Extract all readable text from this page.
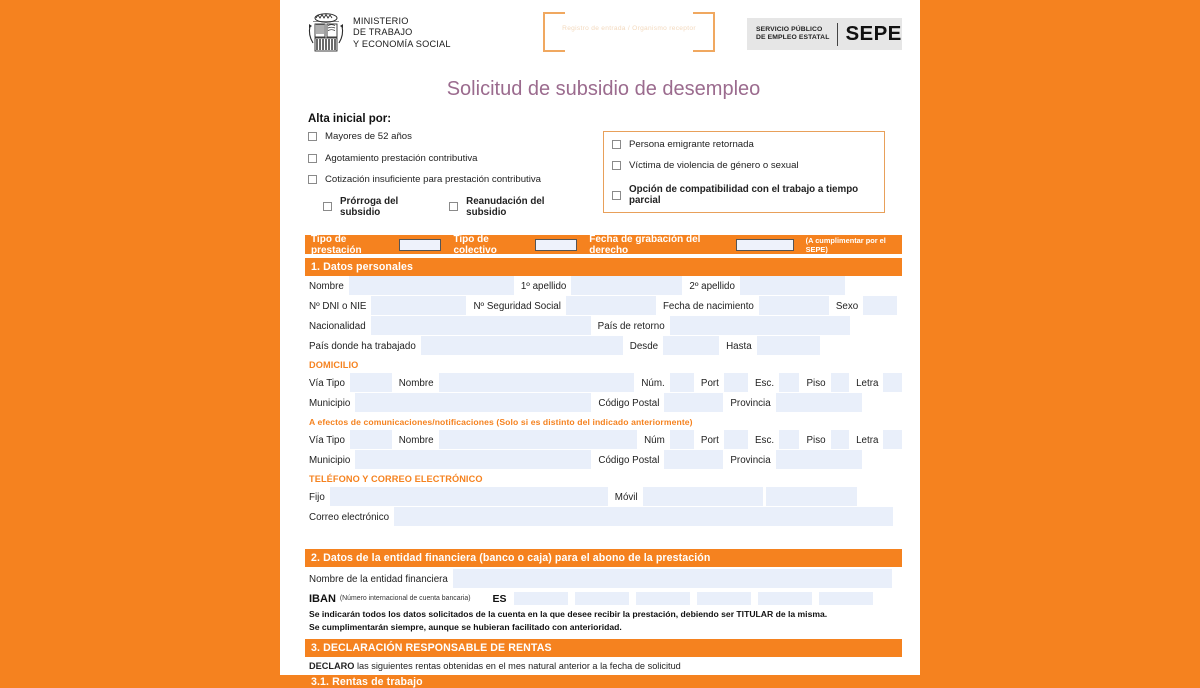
MINISTERIO
DE TRABAJO
Y ECONOMÍA SOCIAL
Registro de entrada / Organismo receptor	SERVICIO PÚBLICO
DE EMPLEO ESTATAL SEPE
Solicitud de subsidio de desempleo
Alta inicial por:
Mayores de 52 años
Agotamiento prestación contributiva
Cotización insuficiente para prestación contributiva
Prórroga del subsidio
Reanudación del subsidio
Persona emigrante retornada
Víctima de violencia de género o sexual
Opción de compatibilidad con el trabajo a tiempo parcial
Tipo de prestación
Tipo de colectivo
Fecha de grabación del derecho
(A cumplimentar por el SEPE)
1. Datos personales
Nombre	1º apellido	2º apellido
Nº DNI o NIE	Nº Seguridad Social	Fecha de nacimiento	Sexo
Nacionalidad	País de retorno
País donde ha trabajado	Desde	Hasta
DOMICILIO
Vía Tipo	Nombre	Núm.	Port	Esc.	Piso	Letra
Municipio	Código Postal	Provincia
A efectos de comunicaciones/notificaciones (Solo si es distinto del indicado anteriormente)
Vía Tipo	Nombre	Núm	Port	Esc.	Piso	Letra
Municipio	Código Postal	Provincia
TELÉFONO Y CORREO ELECTRÓNICO
Fijo	Móvil
Correo electrónico
2. Datos de la entidad financiera (banco o caja) para el abono de la prestación
Nombre de la entidad financiera
IBAN (Número internacional de cuenta bancaria)	ES
Se indicarán todos los datos solicitados de la cuenta en la que desee recibir la prestación, debiendo ser TITULAR de la misma.
Se cumplimentarán siempre, aunque se hubieran facilitado con anterioridad.
3. DECLARACIÓN RESPONSABLE DE RENTAS
DECLARO las siguientes rentas obtenidas en el mes natural anterior a la fecha de solicitud
3.1. Rentas de trabajo
